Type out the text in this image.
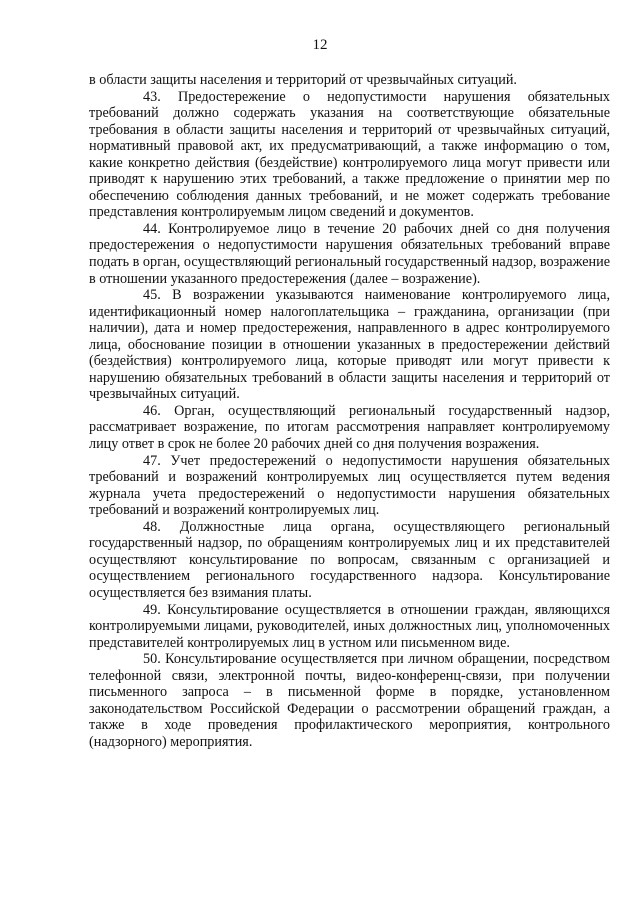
12

в области защиты населения и территорий от чрезвычайных ситуаций.

43. Предостережение о недопустимости нарушения обязательных требований должно содержать указания на соответствующие обязательные требования в области защиты населения и территорий от чрезвычайных ситуаций, нормативный правовой акт, их предусматривающий, а также информацию о том, какие конкретно действия (бездействие) контролируемого лица могут привести или приводят к нарушению этих требований, а также предложение о принятии мер по обеспечению соблюдения данных требований, и не может содержать требование представления контролируемым лицом сведений и документов.

44. Контролируемое лицо в течение 20 рабочих дней со дня получения предостережения о недопустимости нарушения обязательных требований вправе подать в орган, осуществляющий региональный государственный надзор, возражение в отношении указанного предостережения (далее – возражение).

45. В возражении указываются наименование контролируемого лица, идентификационный номер налогоплательщика – гражданина, организации (при наличии), дата и номер предостережения, направленного в адрес контролируемого лица, обоснование позиции в отношении указанных в предостережении действий (бездействия) контролируемого лица, которые приводят или могут привести к нарушению обязательных требований в области защиты населения и территорий от чрезвычайных ситуаций.

46. Орган, осуществляющий региональный государственный надзор, рассматривает возражение, по итогам рассмотрения направляет контролируемому лицу ответ в срок не более 20 рабочих дней со дня получения возражения.

47. Учет предостережений о недопустимости нарушения обязательных требований и возражений контролируемых лиц осуществляется путем ведения журнала учета предостережений о недопустимости нарушения обязательных требований и возражений контролируемых лиц.

48. Должностные лица органа, осуществляющего региональный государственный надзор, по обращениям контролируемых лиц и их представителей осуществляют консультирование по вопросам, связанным с организацией и осуществлением регионального государственного надзора. Консультирование осуществляется без взимания платы.

49. Консультирование осуществляется в отношении граждан, являющихся контролируемыми лицами, руководителей, иных должностных лиц, уполномоченных представителей контролируемых лиц в устном или письменном виде.

50. Консультирование осуществляется при личном обращении, посредством телефонной связи, электронной почты, видео-конференц-связи, при получении письменного запроса – в письменной форме в порядке, установленном законодательством Российской Федерации о рассмотрении обращений граждан, а также в ходе проведения профилактического мероприятия, контрольного (надзорного) мероприятия.
